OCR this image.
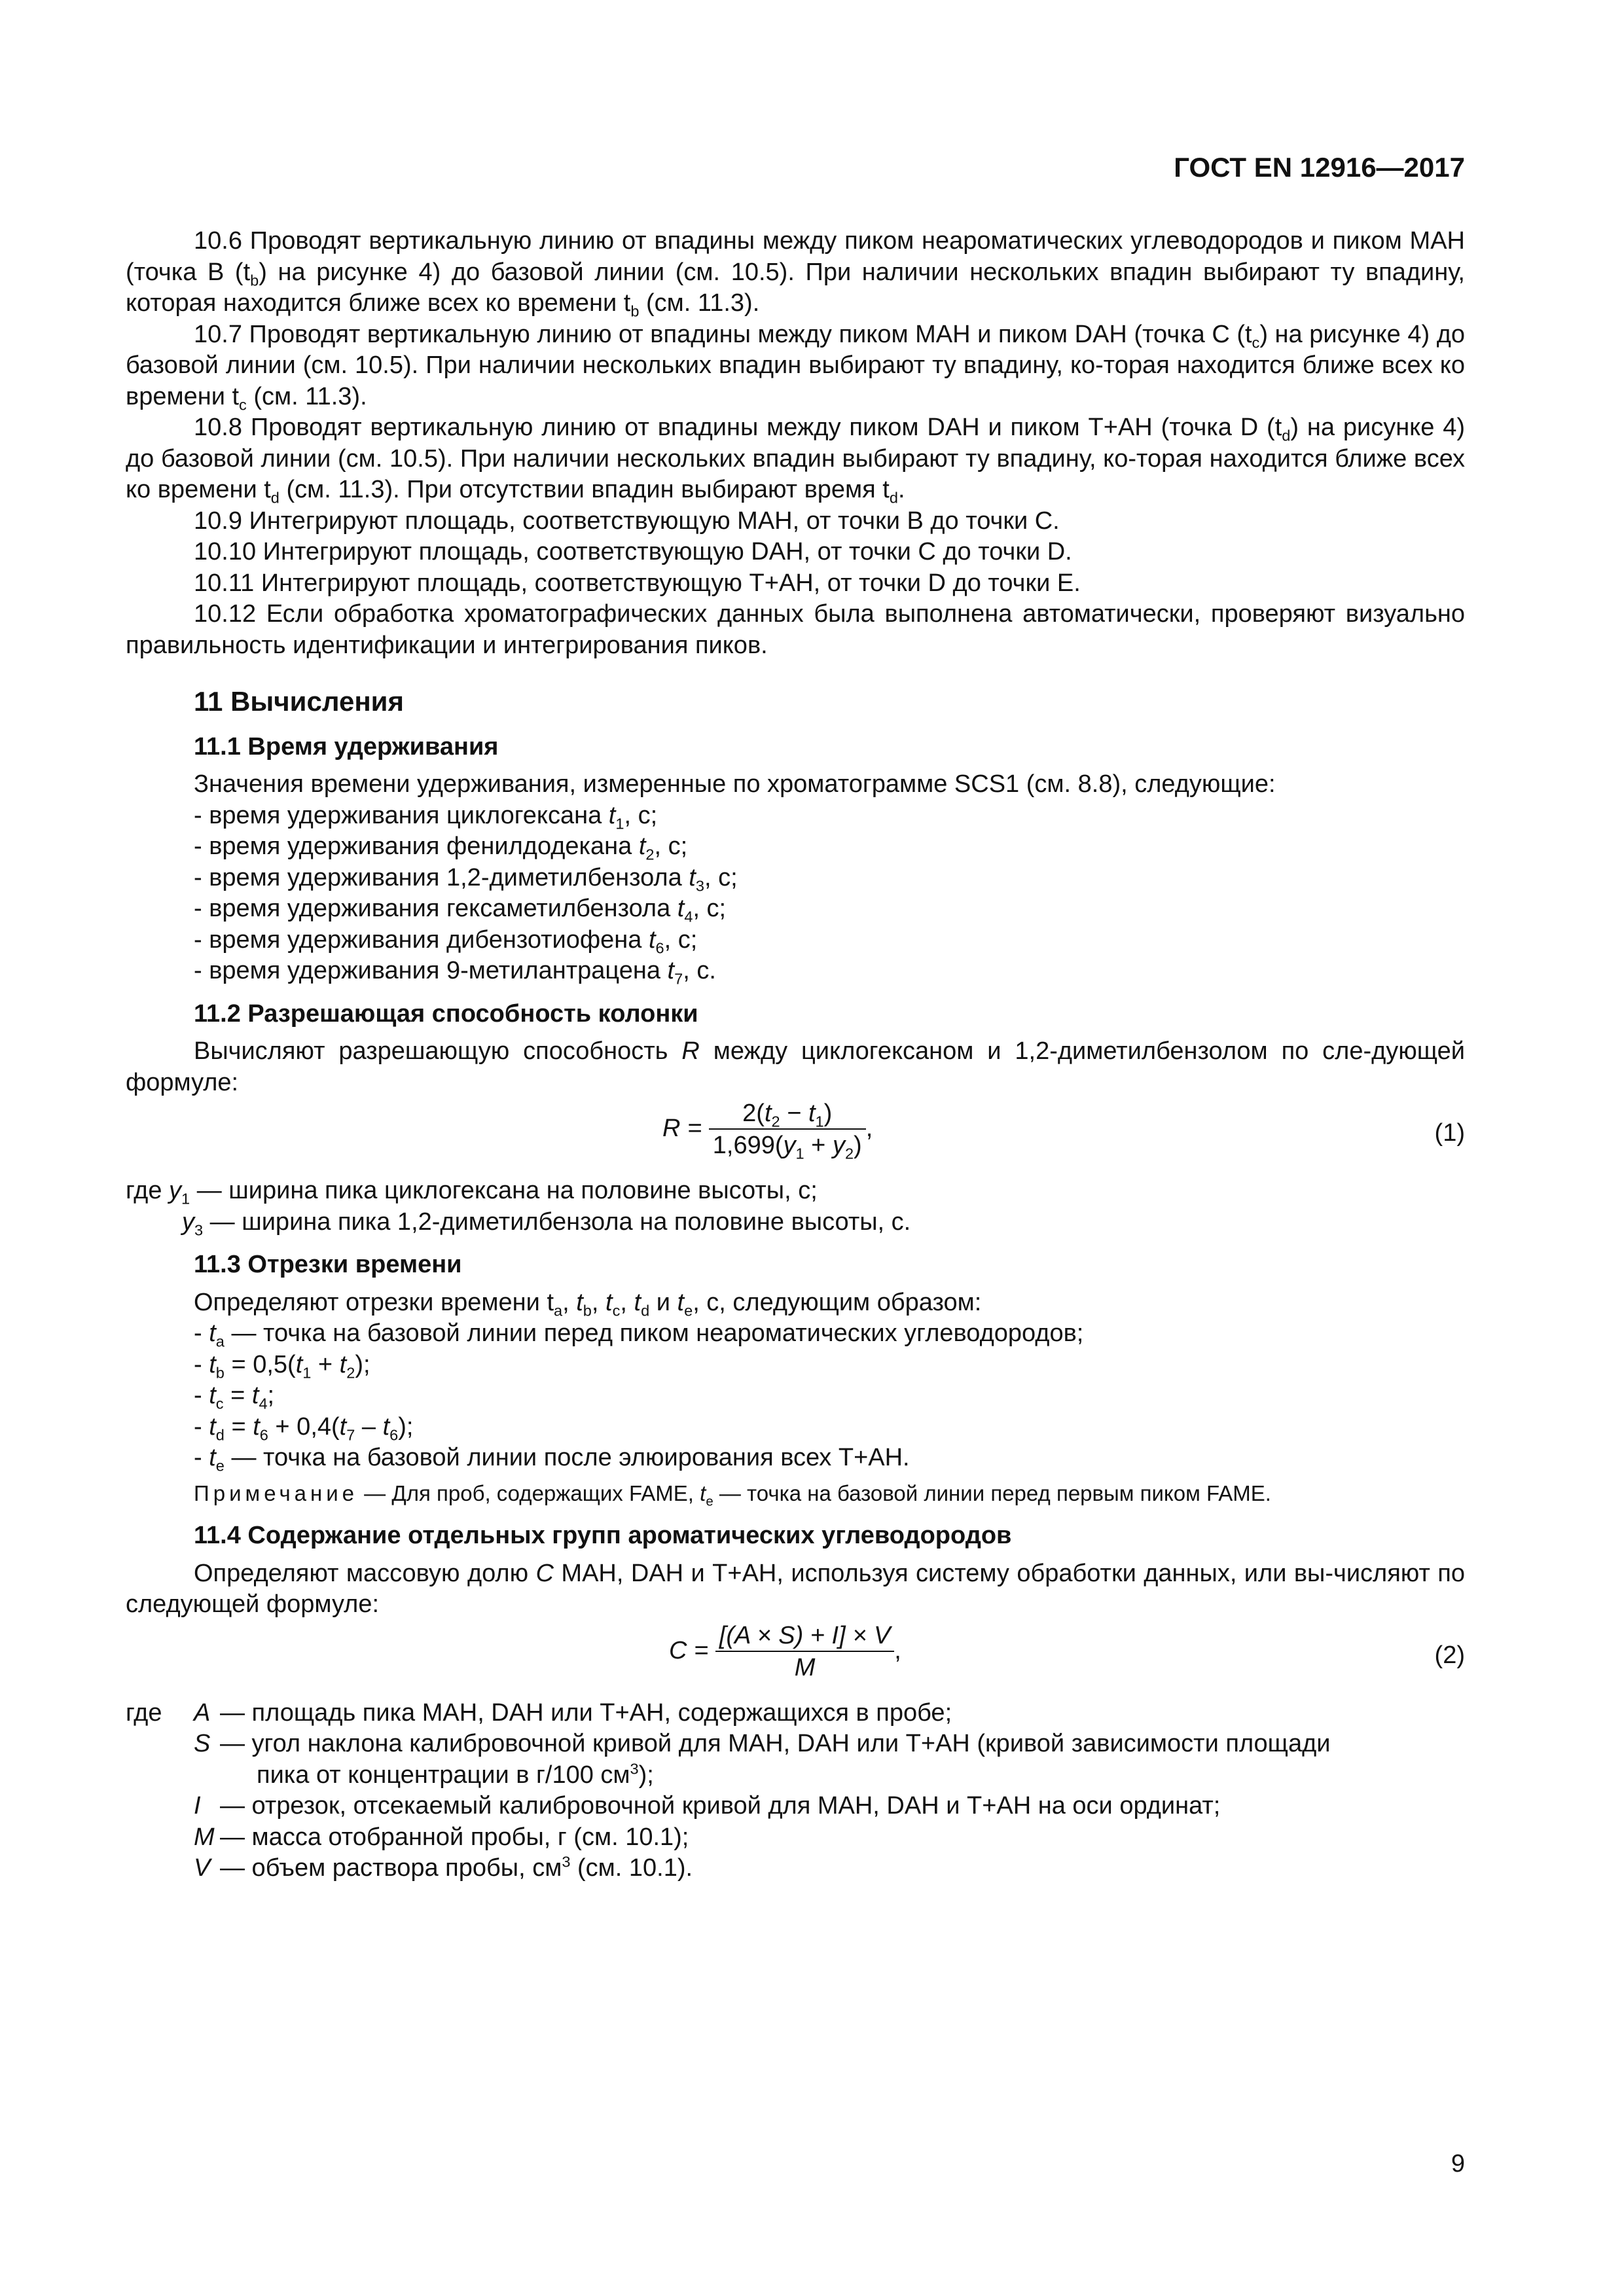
ГОСТ EN 12916—2017

10.6 Проводят вертикальную линию от впадины между пиком неароматических углеводородов и пиком МАН (точка В $(t_b)$ на рисунке 4) до базовой линии (см. 10.5). При наличии нескольких впадин выбирают ту впадину, которая находится ближе всех ко времени $t_b$ (см. 11.3).

10.7 Проводят вертикальную линию от впадины между пиком МАН и пиком DAH (точка C $(t_c)$ на рисунке 4) до базовой линии (см. 10.5). При наличии нескольких впадин выбирают ту впадину, ко-торая находится ближе всех ко времени $t_c$ (см. 11.3).

10.8 Проводят вертикальную линию от впадины между пиком DAH и пиком T+AH (точка D $(t_d)$ на рисунке 4) до базовой линии (см. 10.5). При наличии нескольких впадин выбирают ту впадину, ко-торая находится ближе всех ко времени $t_d$ (см. 11.3). При отсутствии впадин выбирают время $t_d$.

10.9 Интегрируют площадь, соответствующую МАН, от точки В до точки С.

10.10 Интегрируют площадь, соответствующую DAH, от точки С до точки D.

10.11 Интегрируют площадь, соответствующую T+AH, от точки D до точки E.

10.12 Если обработка хроматографических данных была выполнена автоматически, проверяют визуально правильность идентификации и интегрирования пиков.

11 Вычисления
11.1 Время удерживания

Значения времени удерживания, измеренные по хроматограмме SCS1 (см. 8.8), следующие:

- время удерживания циклогексана $t_1$, с;

- время удерживания фенилдодекана $t_2$, с;

- время удерживания 1,2-диметилбензола $t_3$, с;

- время удерживания гексаметилбензола $t_4$, с;

- время удерживания дибензотиофена $t_6$, с;

- время удерживания 9-метилантрацена $t_7$, с.

11.2 Разрешающая способность колонки

Вычисляют разрешающую способность R между циклогексаном и 1,2-диметилбензолом по сле-дующей формуле:

$R = \frac{2(t_2 - t_1)}{1,699(y_1 + y_2)}$ ,	(1)

где $y_1$ — ширина пика циклогексана на половине высоты, с;

$y_3$ — ширина пика 1,2-диметилбензола на половине высоты, с.

11.3 Отрезки времени

Определяют отрезки времени $t_a$, $t_b$, $t_c$, $t_d$ и $t_e$, с, следующим образом:

- $t_a$ — точка на базовой линии перед пиком неароматических углеводородов;

- $t_b = 0,5(t_1 + t_2)$;

- $t_c = t_4$;

- $t_d = t_6 + 0,4(t_7 - t_6)$;

- $t_e$ — точка на базовой линии после элюирования всех Т+АН.

Примечание — Для проб, содержащих FAME, $t_e$ — точка на базовой линии перед первым пиком FAME.

11.4 Содержание отдельных групп ароматических углеводородов

Определяют массовую долю C МАН, DAH и T+AH, используя систему обработки данных, или вы-числяют по следующей формуле:

$C = \frac{[(A \times S) + I] \times V}{M}$ ,	(2)
где	A — площадь пика МАН, DAH или T+AH, содержащихся в пробе;
S — угол наклона калибровочной кривой для МАН, DAH или T+AH (кривой зависимости площади
пика от концентрации в г/100 $см^3$);
I — отрезок, отсекаемый калибровочной кривой для МАН, DAH и T+AH на оси ординат;
M — масса отобранной пробы, г (см. 10.1);
V — объем раствора пробы, $см^3$ (см. 10.1).
9
